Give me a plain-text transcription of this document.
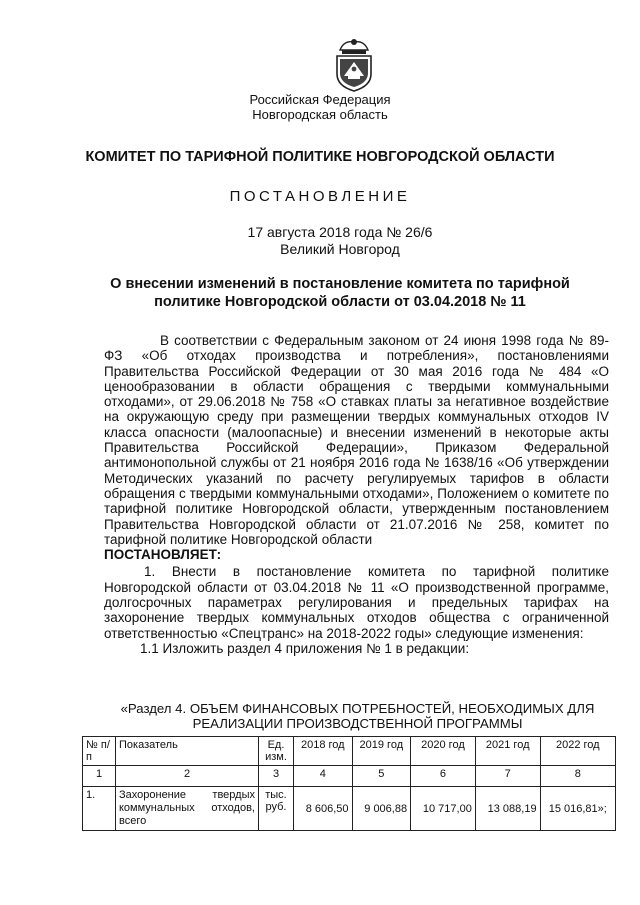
Российская Федерация
Новгородская область
КОМИТЕТ ПО ТАРИФНОЙ ПОЛИТИКЕ НОВГОРОДСКОЙ ОБЛАСТИ
ПОСТАНОВЛЕНИЕ
17 августа 2018 года № 26/6
Великий Новгород
О внесении изменений в постановление комитета по тарифной
политике Новгородской области от 03.04.2018 № 11

В соответствии с Федеральным законом от 24 июня 1998 года № 89-ФЗ «Об отходах производства и потребления», постановлениями Правительства Российской Федерации от 30 мая 2016 года № 484 «О ценообразовании в области обращения с твердыми коммунальными отходами», от 29.06.2018 № 758 «О ставках платы за негативное воздействие на окружающую среду при размещении твердых коммунальных отходов IV класса опасности (малоопасные) и внесении изменений в некоторые акты Правительства Российской Федерации», Приказом Федеральной антимонопольной службы от 21 ноября 2016 года № 1638/16 «Об утверждении Методических указаний по расчету регулируемых тарифов в области обращения с твердыми коммунальными отходами», Положением о комитете по тарифной политике Новгородской области, утвержденным постановлением Правительства Новгородской области от 21.07.2016 № 258, комитет по тарифной политике Новгородской области

ПОСТАНОВЛЯЕТ:

1. Внести в постановление комитета по тарифной политике Новгородской области от 03.04.2018 № 11 «О производственной программе, долгосрочных параметрах регулирования и предельных тарифах на захоронение твердых коммунальных отходов общества с ограниченной ответственностью «Спецтранс» на 2018-2022 годы» следующие изменения:

1.1 Изложить раздел 4 приложения № 1 в редакции:

«Раздел 4. ОБЪЕМ ФИНАНСОВЫХ ПОТРЕБНОСТЕЙ, НЕОБХОДИМЫХ ДЛЯ
РЕАЛИЗАЦИИ ПРОИЗВОДСТВЕННОЙ ПРОГРАММЫ
№ п/п	Показатель	Ед. изм.	2018 год	2019 год	2020 год	2021 год	2022 год
1	2	3	4	5	6	7	8
1.	Захоронение твердых коммунальных отходов, всего	тыс. руб.	8 606,50	9 006,88	10 717,00	13 088,19	15 016,81»;
